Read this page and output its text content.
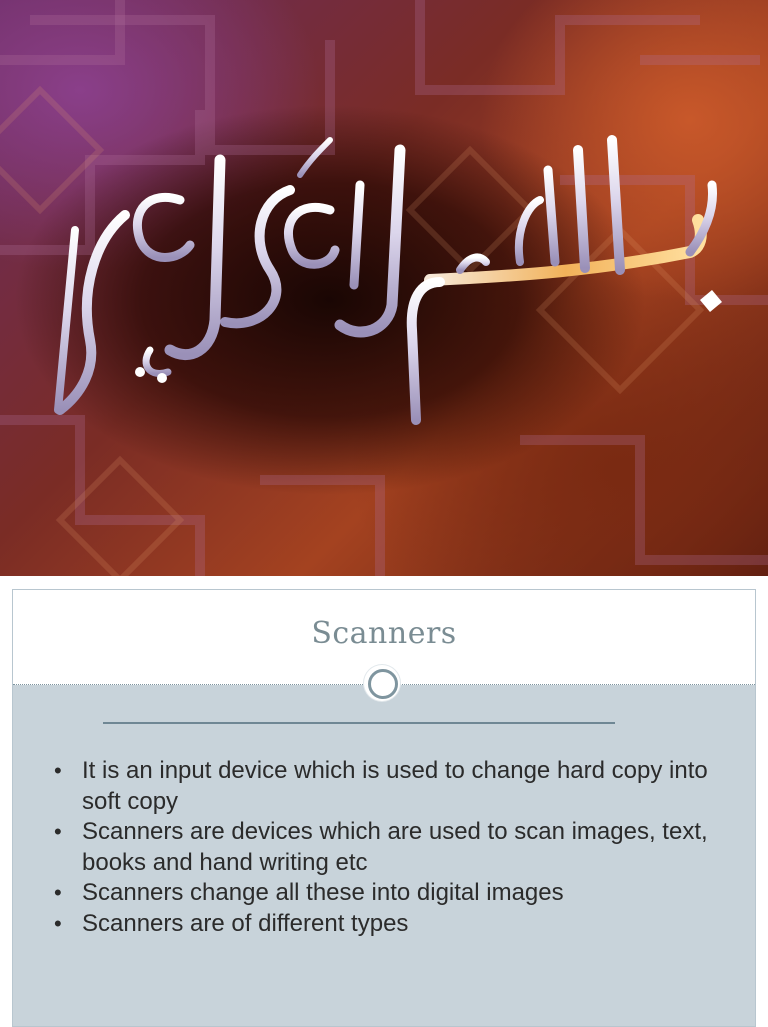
Scanners
• It is an input device which is used to change hard copy into soft copy
• Scanners are devices which are used to scan images, text, books and hand writing etc
• Scanners change all these into digital images
• Scanners are of different types
